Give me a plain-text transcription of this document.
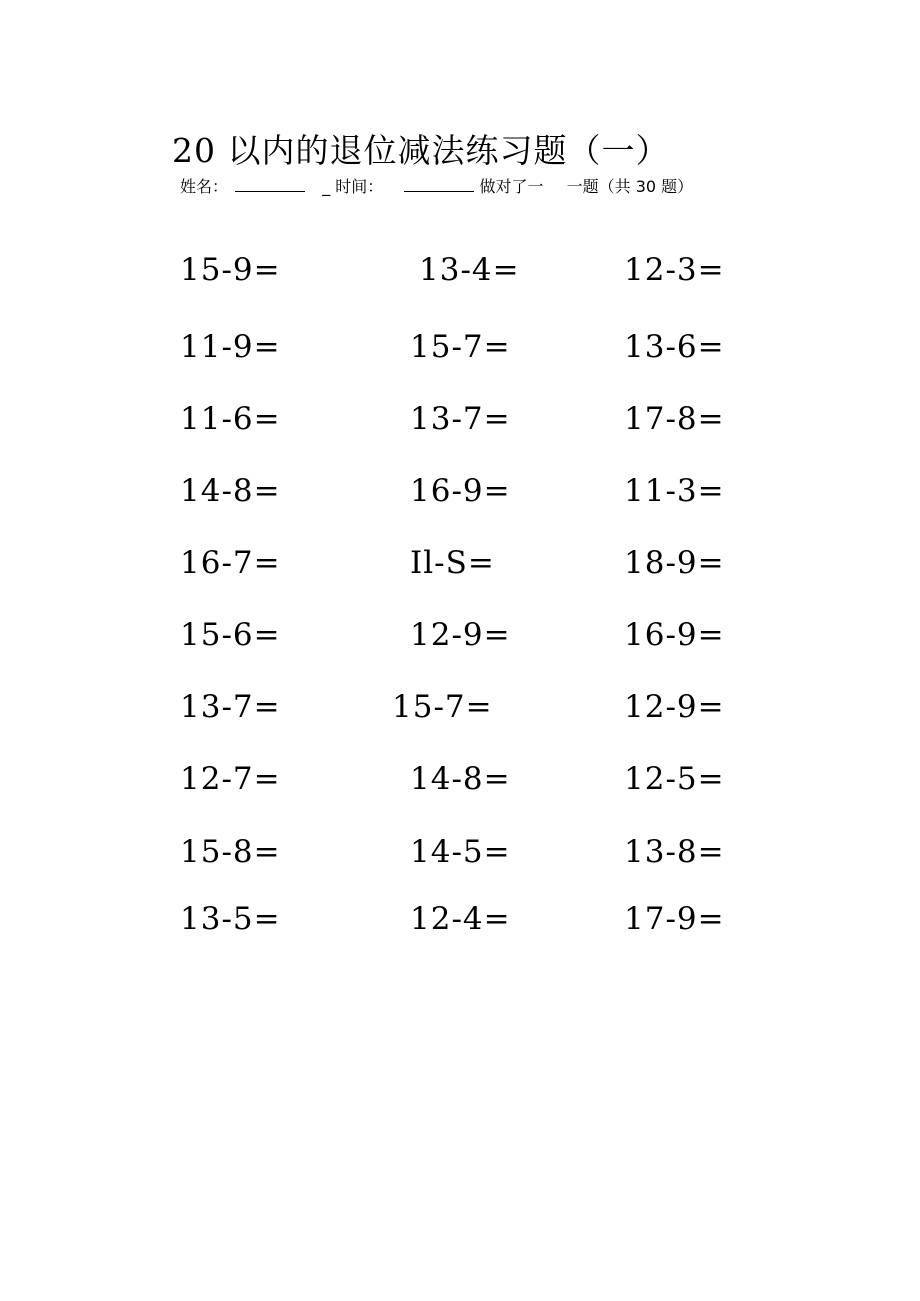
20 以内的退位减法练习题（一）
姓名：	_ 时间：	做对了一 一题（共 30 题）
15-9=	13-4=	12-3=
11-9=	15-7=	13-6=
11-6=	13-7=	17-8=
14-8=	16-9=	11-3=
16-7=	Il-S=	18-9=
15-6=	12-9=	16-9=
13-7=	15-7=	12-9=
12-7=	14-8=	12-5=
15-8=	14-5=	13-8=
13-5=	12-4=	17-9=
